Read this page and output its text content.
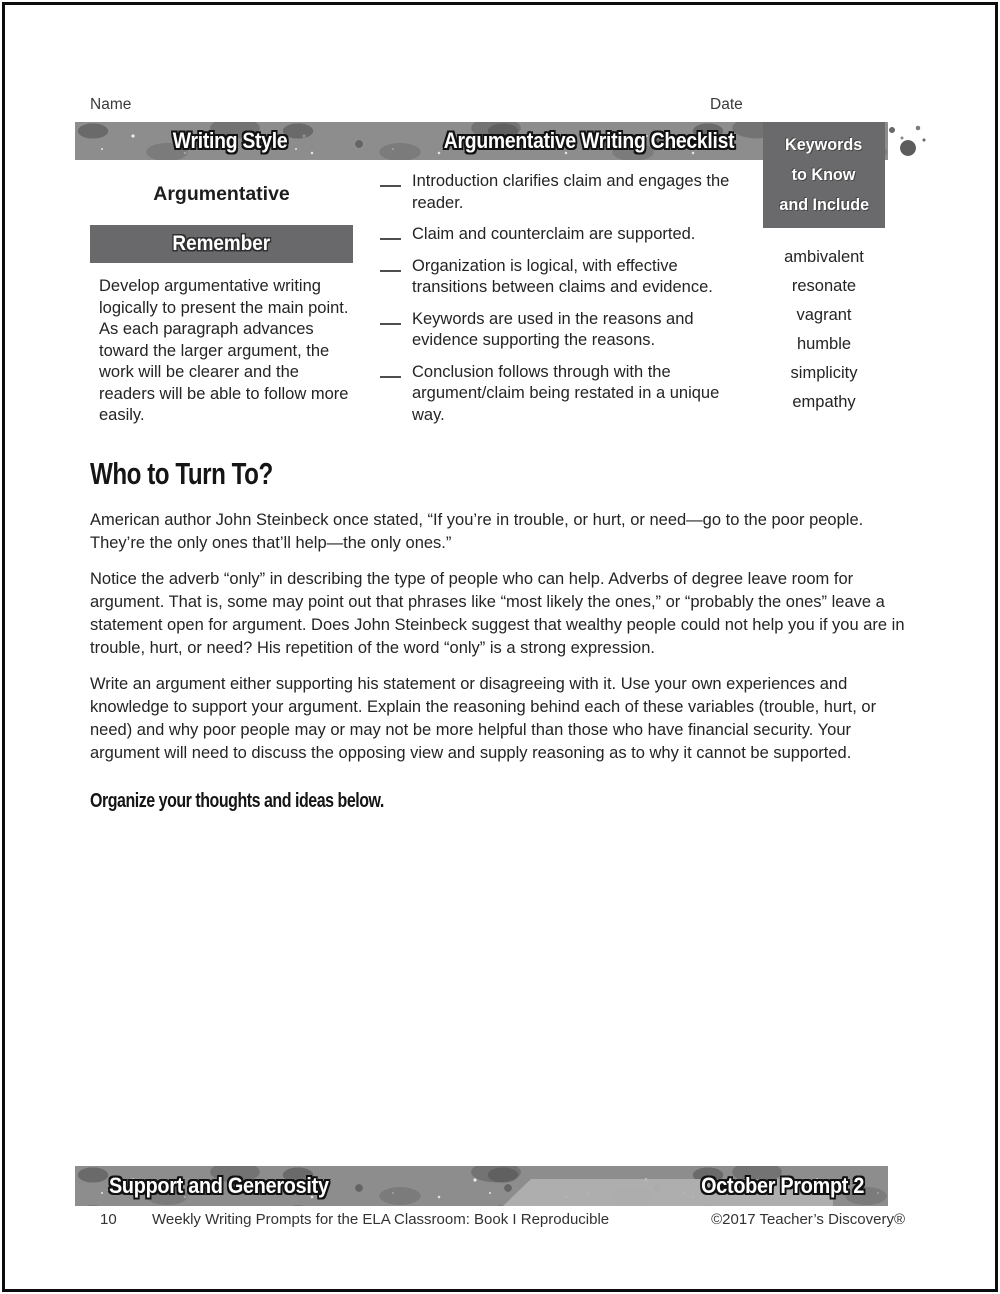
Name	Date
Writing Style	Argumentative Writing Checklist	Keywords
to Know
and Include
ambivalent
resonate
vagrant
humble
simplicity
empathy
Argumentative
Remember
Develop argumentative writing logically to present the main point. As each paragraph advances toward the larger argument, the work will be clearer and the readers will be able to follow more easily.
Introduction clarifies claim and engages the reader.
Claim and counterclaim are supported.
Organization is logical, with effective transitions between claims and evidence.
Keywords are used in the reasons and evidence supporting the reasons.
Conclusion follows through with the argument/claim being restated in a unique way.
Who to Turn To?

American author John Steinbeck once stated, “If you’re in trouble, or hurt, or need—go to the poor people. They’re the only ones that’ll help—the only ones.”

Notice the adverb “only” in describing the type of people who can help. Adverbs of degree leave room for argument. That is, some may point out that phrases like “most likely the ones,” or “probably the ones” leave a statement open for argument. Does John Steinbeck suggest that wealthy people could not help you if you are in trouble, hurt, or need? His repetition of the word “only” is a strong expression.

Write an argument either supporting his statement or disagreeing with it. Use your own experiences and knowledge to support your argument. Explain the reasoning behind each of these variables (trouble, hurt, or need) and why poor people may or may not be more helpful than those who have financial security. Your argument will need to discuss the opposing view and supply reasoning as to why it cannot be supported.

Organize your thoughts and ideas below.
Support and Generosity	October Prompt 2
10 Weekly Writing Prompts for the ELA Classroom: Book I Reproducible	©2017 Teacher’s Discovery®
